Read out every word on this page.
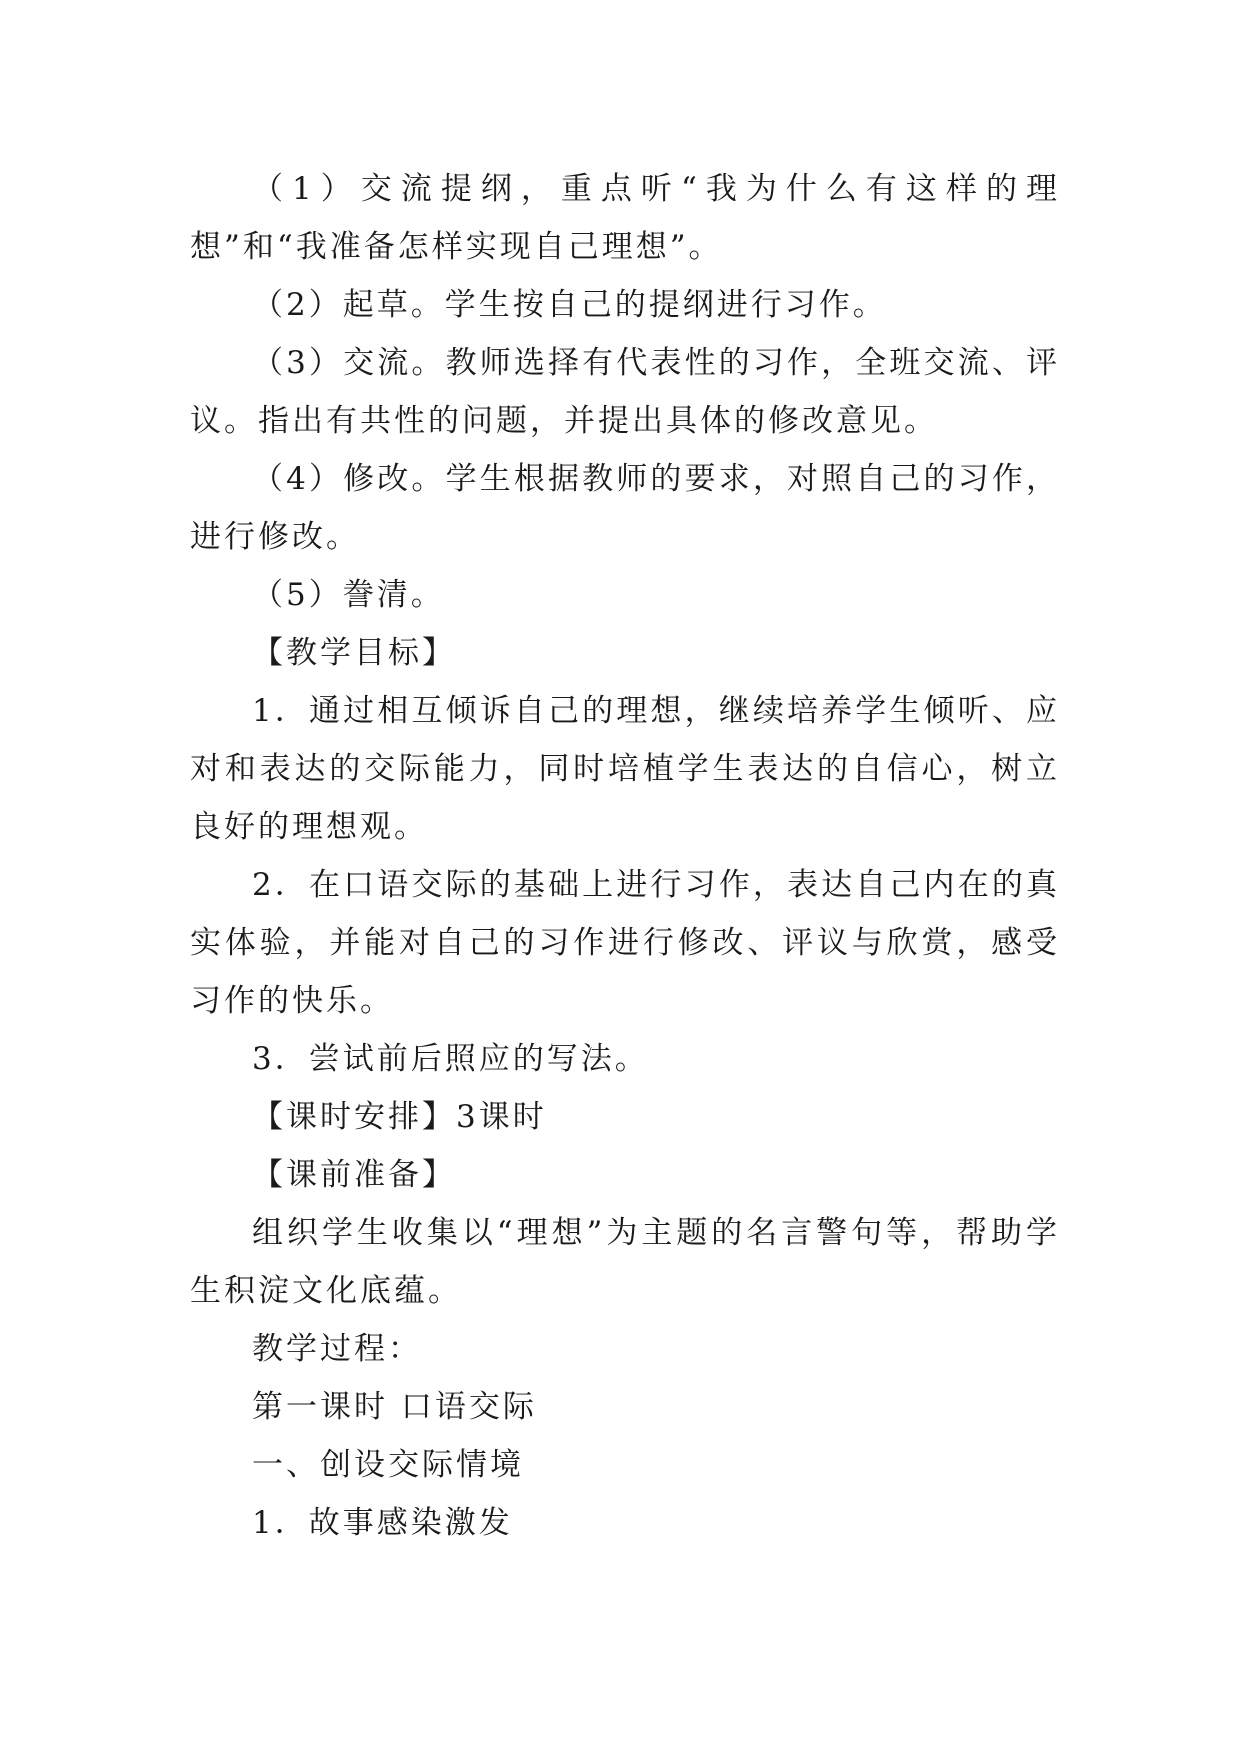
（1）交流提纲，重点听“我为什么有这样的理想”和“我准备怎样实现自己理想”。

（2）起草。学生按自己的提纲进行习作。

（3）交流。教师选择有代表性的习作，全班交流、评议。指出有共性的问题，并提出具体的修改意见。

（4）修改。学生根据教师的要求，对照自己的习作，进行修改。

（5）誊清。

【教学目标】

1．通过相互倾诉自己的理想，继续培养学生倾听、应对和表达的交际能力，同时培植学生表达的自信心，树立良好的理想观。

2．在口语交际的基础上进行习作，表达自己内在的真实体验，并能对自己的习作进行修改、评议与欣赏，感受习作的快乐。

3．尝试前后照应的写法。

【课时安排】3课时

【课前准备】

组织学生收集以“理想”为主题的名言警句等，帮助学生积淀文化底蕴。

教学过程：

第一课时 口语交际

一、创设交际情境

1．故事感染激发
